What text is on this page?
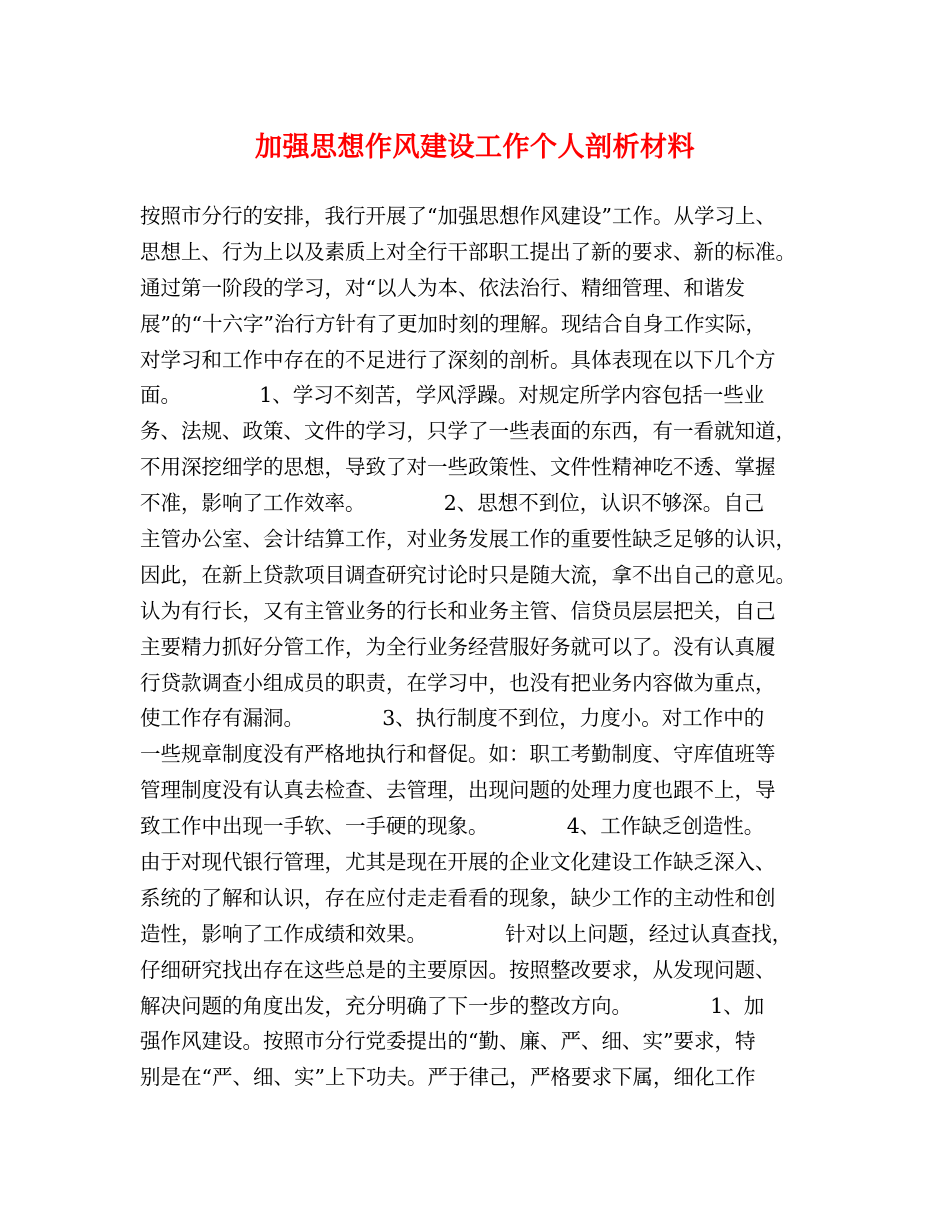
加强思想作风建设工作个人剖析材料
按照市分行的安排，我行开展了“加强思想作风建设”工作。从学习上、
思想上、行为上以及素质上对全行干部职工提出了新的要求、新的标准。
通过第一阶段的学习，对“以人为本、依法治行、精细管理、和谐发
展”的“十六字”治行方针有了更加时刻的理解。现结合自身工作实际，
对学习和工作中存在的不足进行了深刻的剖析。具体表现在以下几个方
面。            1、学习不刻苦，学风浮躁。对规定所学内容包括一些业
务、法规、政策、文件的学习，只学了一些表面的东西，有一看就知道，
不用深挖细学的思想，导致了对一些政策性、文件性精神吃不透、掌握
不准，影响了工作效率。            2、思想不到位，认识不够深。自己
主管办公室、会计结算工作，对业务发展工作的重要性缺乏足够的认识，
因此，在新上贷款项目调查研究讨论时只是随大流，拿不出自己的意见。
认为有行长，又有主管业务的行长和业务主管、信贷员层层把关，自己
主要精力抓好分管工作，为全行业务经营服好务就可以了。没有认真履
行贷款调查小组成员的职责，在学习中，也没有把业务内容做为重点，
使工作存有漏洞。            3、执行制度不到位，力度小。对工作中的
一些规章制度没有严格地执行和督促。如：职工考勤制度、守库值班等
管理制度没有认真去检查、去管理，出现问题的处理力度也跟不上，导
致工作中出现一手软、一手硬的现象。            4、工作缺乏创造性。
由于对现代银行管理，尤其是现在开展的企业文化建设工作缺乏深入、
系统的了解和认识，存在应付走走看看的现象，缺少工作的主动性和创
造性，影响了工作成绩和效果。            针对以上问题，经过认真查找，
仔细研究找出存在这些总是的主要原因。按照整改要求，从发现问题、
解决问题的角度出发，充分明确了下一步的整改方向。            1、加
强作风建设。按照市分行党委提出的“勤、廉、严、细、实”要求，特
别是在“严、细、实”上下功夫。严于律己，严格要求下属，细化工作
